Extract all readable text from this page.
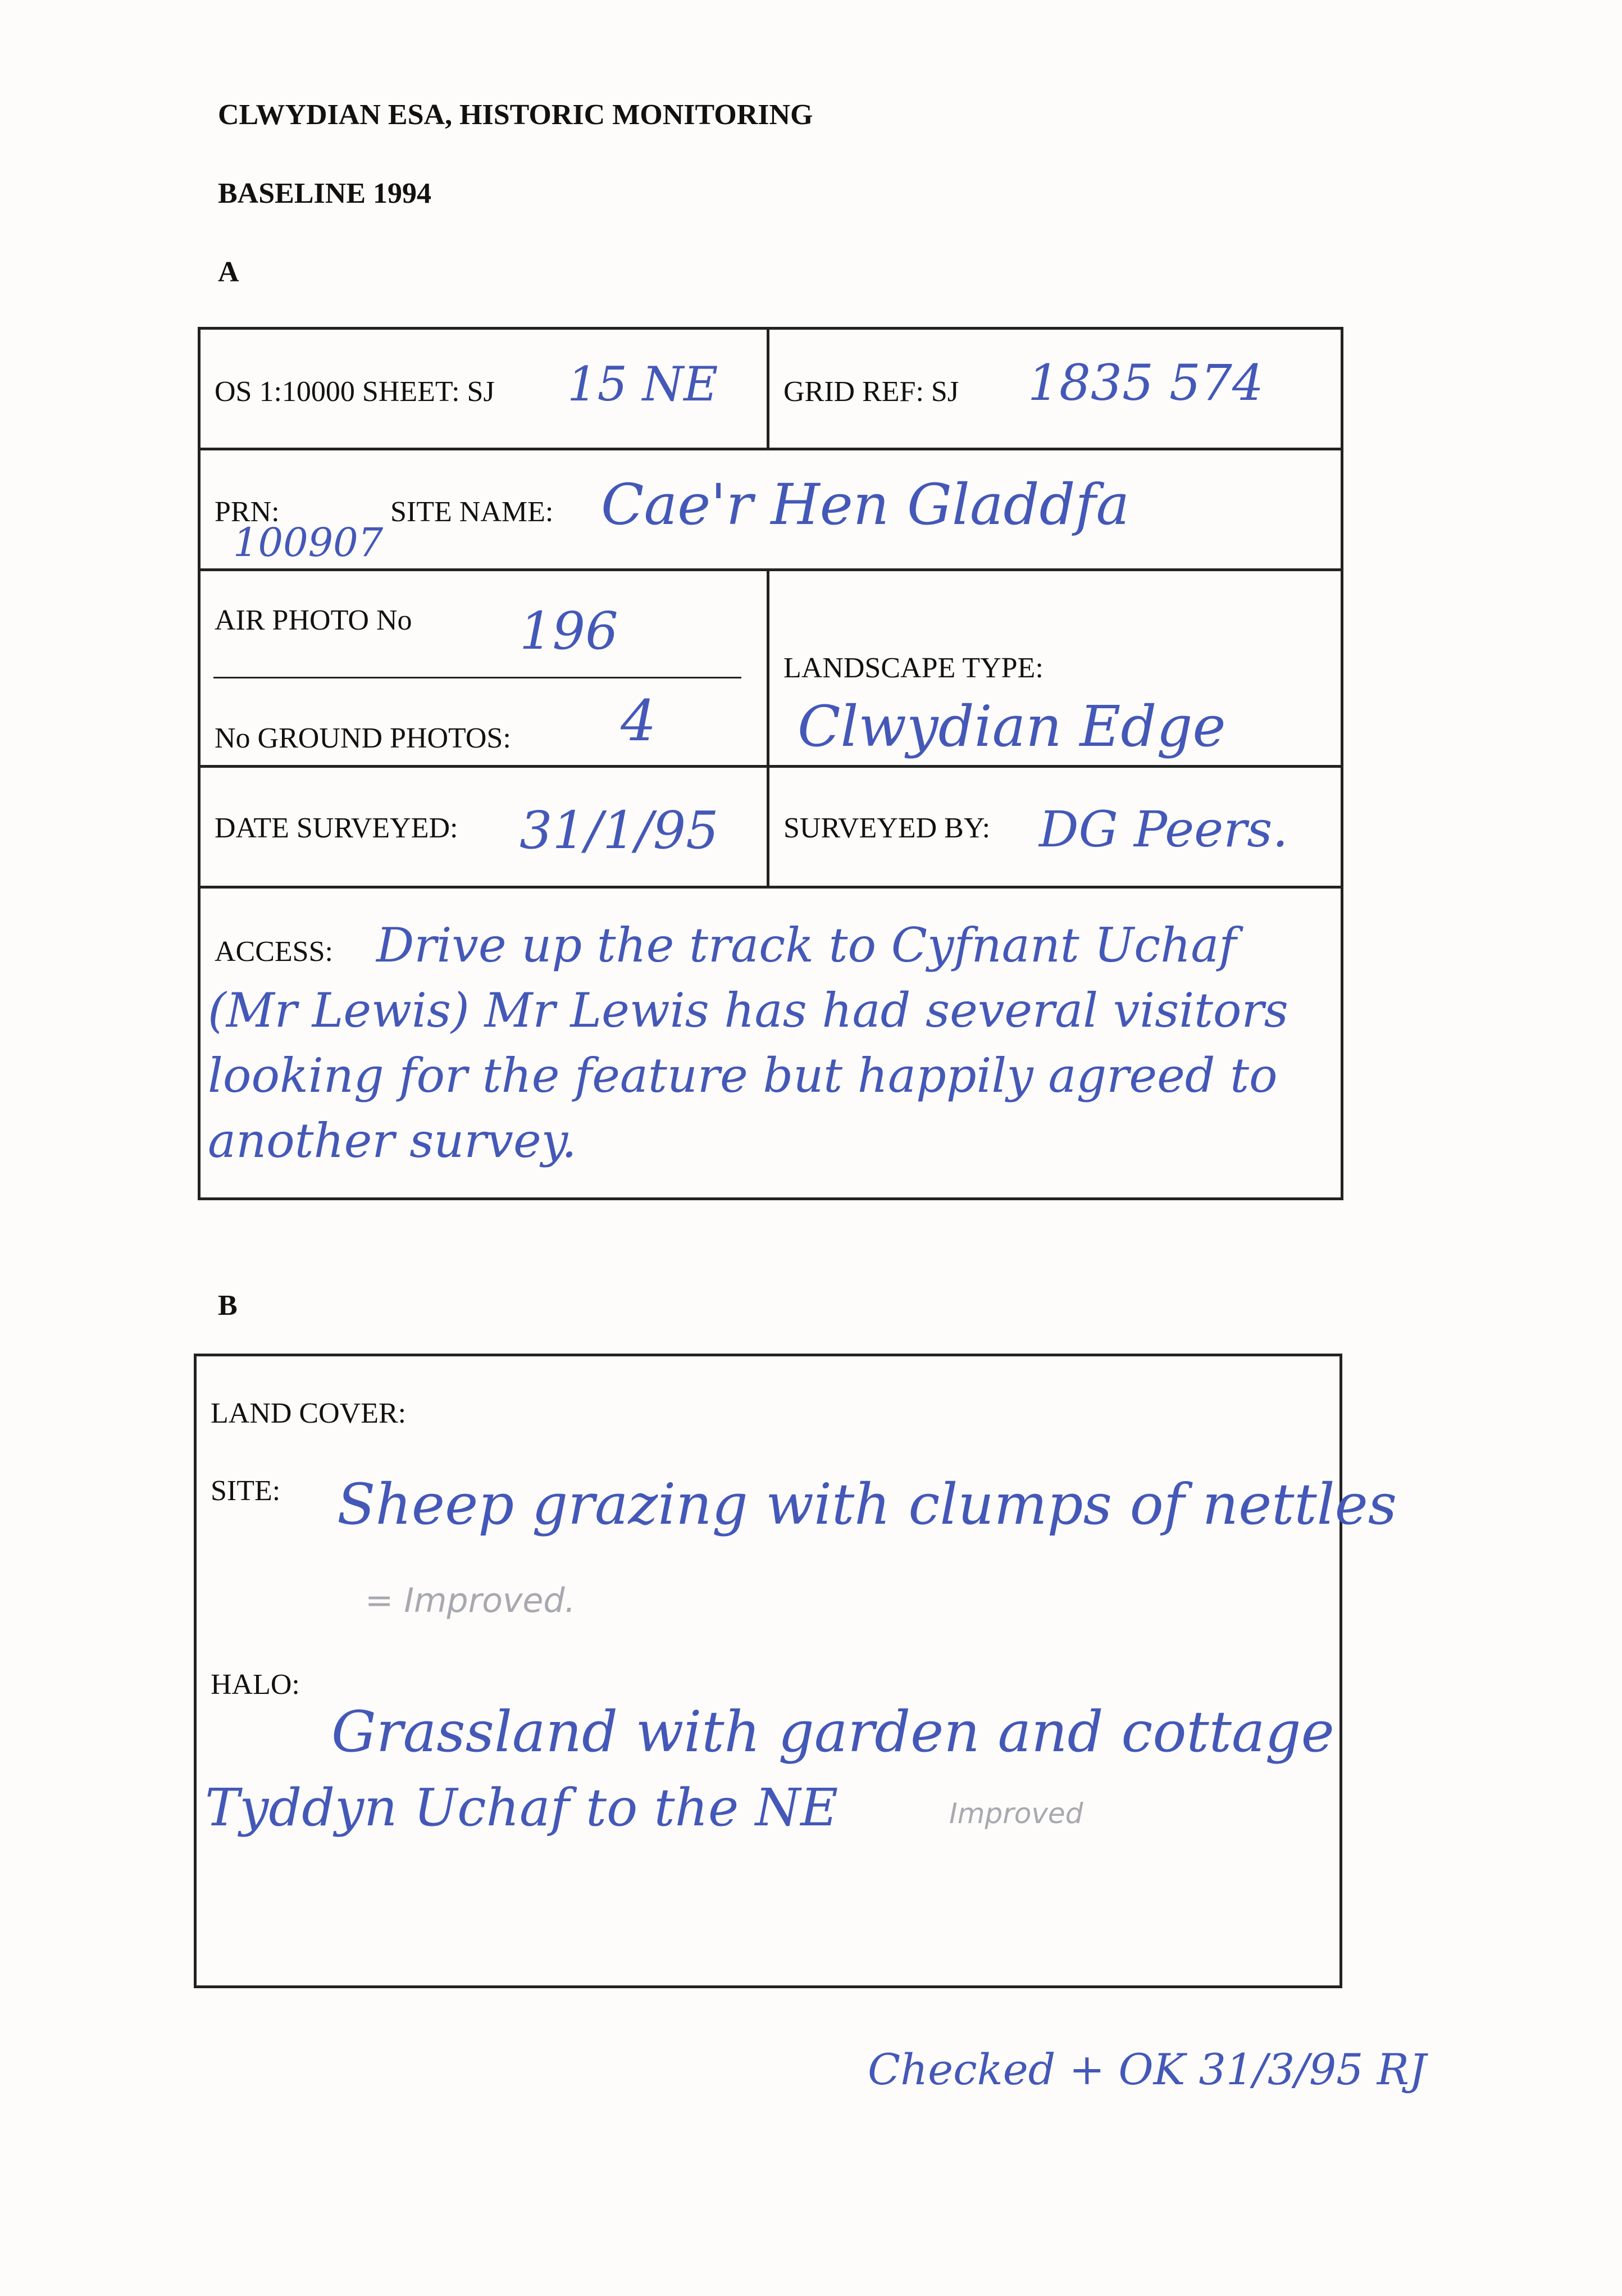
CLWYDIAN ESA, HISTORIC MONITORING
BASELINE 1994
A
OS 1:10000 SHEET: SJ 15 NE GRID REF: SJ 1835 574
PRN:
100907
SITE NAME: Cae'r Hen Gladdfa
AIR PHOTO No 196
No GROUND PHOTOS: 4
LANDSCAPE TYPE:
Clwydian Edge
DATE SURVEYED: 31/1/95 SURVEYED BY: DG Peers.
ACCESS: Drive up the track to Cyfnant Uchaf (Mr Lewis) Mr Lewis has had several visitors looking for the feature but happily agreed to another survey.
B
LAND COVER:
SITE: Sheep grazing with clumps of nettles
= Improved.
HALO:
Grassland with garden and cottage
Tyddyn Uchaf to the NE	Improved
Checked + OK 31/3/95 RJ
